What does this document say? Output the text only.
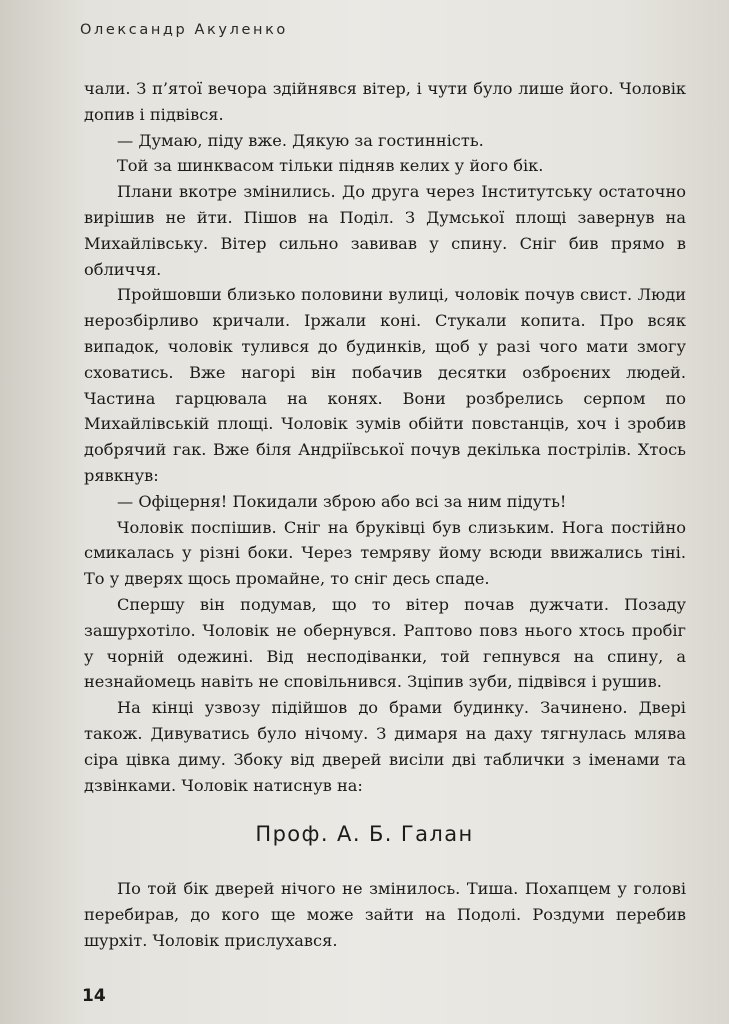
Олександр Акуленко

чали. З п’ятої вечора здійнявся вітер, і чути було лише його. Чоловік допив і підвівся.

— Думаю, піду вже. Дякую за гостинність.

Той за шинквасом тільки підняв келих у його бік.

Плани вкотре змінились. До друга через Інститутську остаточно вирішив не йти. Пішов на Поділ. З Думської площі завернув на Михайлівську. Вітер сильно завивав у спину. Сніг бив прямо в обличчя.

Пройшовши близько половини вулиці, чоловік почув свист. Люди нерозбірливо кричали. Іржали коні. Стукали копита. Про всяк випадок, чоловік тулився до будинків, щоб у разі чого мати змогу сховатись. Вже нагорі він побачив десятки озброєних людей. Частина гарцювала на конях. Вони розбрелись серпом по Михайлівській площі. Чоловік зумів обійти повстанців, хоч і зробив добрячий гак. Вже біля Андріївської почув декілька пострілів. Хтось рявкнув:

— Офіцерня! Покидали зброю або всі за ним підуть!

Чоловік поспішив. Сніг на бруківці був слизьким. Нога постійно смикалась у різні боки. Через темряву йому всюди ввижались тіні. То у дверях щось промайне, то сніг десь спаде.

Спершу він подумав, що то вітер почав дужчати. Позаду зашурхотіло. Чоловік не обернувся. Раптово повз нього хтось пробіг у чорній одежині. Від несподіванки, той гепнувся на спину, а незнайомець навіть не сповільнився. Зціпив зуби, підвівся і рушив.

На кінці узвозу підійшов до брами будинку. Зачинено. Двері також. Дивуватись було нічому. З димаря на даху тягнулась млява сіра цівка диму. Збоку від дверей висіли дві таблички з іменами та дзвінками. Чоловік натиснув на:

Проф. А. Б. Галан

По той бік дверей нічого не змінилось. Тиша. Похапцем у голові перебирав, до кого ще може зайти на Подолі. Роздуми перебив шурхіт. Чоловік прислухався.

14
